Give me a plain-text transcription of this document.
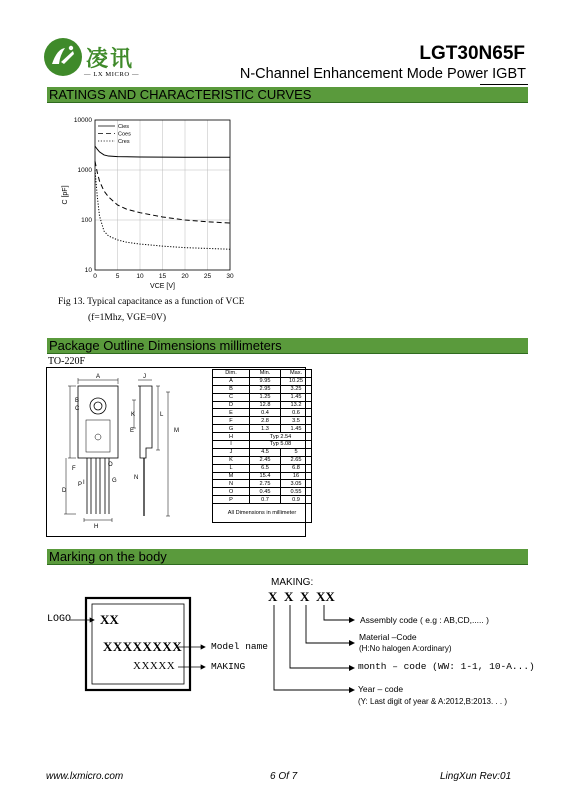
凌讯
— LX MICRO —
LGT30N65F
N-Channel Enhancement Mode Power IGBT
RATINGS AND CHARACTERISTIC CURVES
0	5	10 15 20 25 30
10
100
1000
10000
VCE [V]
C [pF]
Cies
Coes
Cres
Fig 13. Typical capacitance as a function of VCE
(f=1Mhz, VGE=0V)
Package Outline Dimensions millimeters
TO-220F
A
B
C
D
E
F
G
H
I
J
K	L
M
N
O
P
Dim.	Min.	Max.
A	9.95	10.25
B	2.95	3.25
C	1.25	1.45
D	12.8	13.2
E	0.4	0.6
F	2.8	3.5
G	1.3	1.45
H	Typ 2.54	
I	Typ 5.08	
J	4.5	5
K	2.45	2.65
L	6.5	6.8
M	15.4	16
N	2.75	3.05
O	0.45	0.55
P	0.7	0.9
All Dimensions in millimeter		
Marking on the body
LOGO XX
XXXXXXXX	Model name
XXXXX	MAKING
MAKING:
X X X XX
Assembly code ( e.g : AB,CD,..... )
Material –Code
(H:No halogen A:ordinary)
month – code (WW: 1-1, 10-A...)
Year – code
(Y: Last digit of year & A:2012,B:2013. . . )
www.lxmicro.com	6 Of 7	LingXun Rev:01
